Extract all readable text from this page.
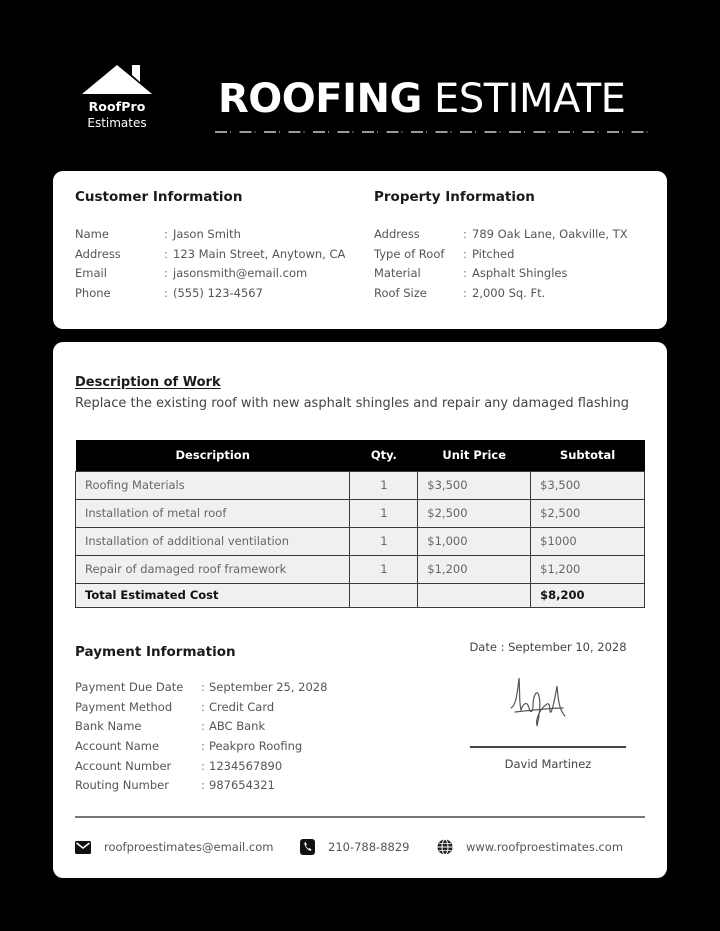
RoofPro
Estimates
ROOFING ESTIMATE
Customer Information
Name	: Jason Smith
Address	: 123 Main Street, Anytown, CA
Email	: jasonsmith@email.com
Phone	: (555) 123-4567
Property Information
Address	: 789 Oak Lane, Oakville, TX
Type of Roof	: Pitched
Material	: Asphalt Shingles
Roof Size	: 2,000 Sq. Ft.
Description of Work
Replace the existing roof with new asphalt shingles and repair any damaged flashing
Description	Qty.	Unit Price	Subtotal
Roofing Materials	1	$3,500	$3,500
Installation of metal roof	1	$2,500	$2,500
Installation of additional ventilation	1	$1,000	$1000
Repair of damaged roof framework	1	$1,200	$1,200
Total Estimated Cost			$8,200
Payment Information
Payment Due Date	: September 25, 2028
Payment Method	: Credit Card
Bank Name	: ABC Bank
Account Name	: Peakpro Roofing
Account Number	: 1234567890
Routing Number	: 987654321
Date : September 10, 2028
David Martinez
roofproestimates@email.com	210-788-8829	www.roofproestimates.com
